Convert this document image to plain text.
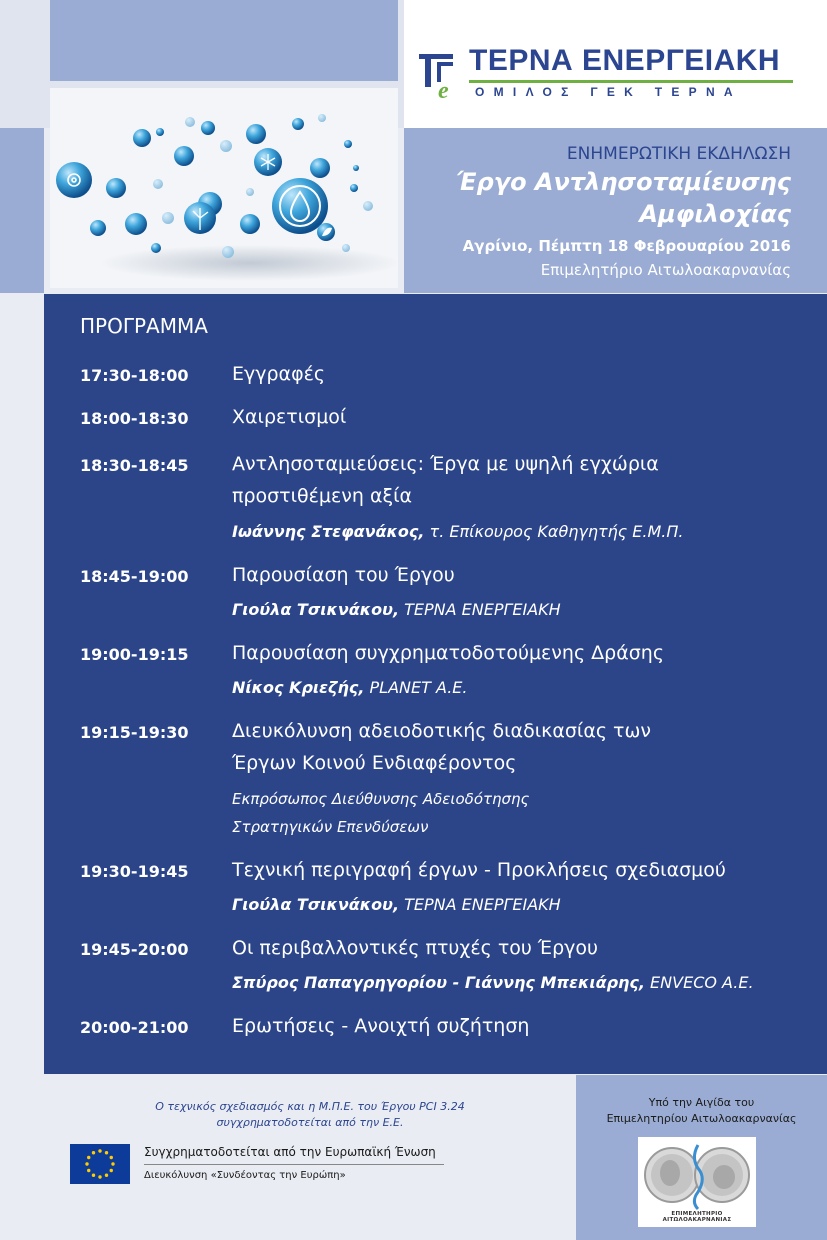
e
ΤΕΡΝΑ ΕΝΕΡΓΕΙΑΚΗ
ΟΜΙΛΟΣ ΓΕΚ ΤΕΡΝΑ
ΕΝΗΜΕΡΩΤΙΚΗ ΕΚΔΗΛΩΣΗ
Έργο Αντλησοταμίευσης
Αμφιλοχίας
Αγρίνιο, Πέμπτη 18 Φεβρουαρίου 2016
Επιμελητήριο Αιτωλοακαρνανίας
ΠΡΟΓΡΑΜΜΑ
17:30-18:00 Εγγραφές
18:00-18:30 Χαιρετισμοί
18:30-18:45 Αντλησοταμιεύσεις: Έργα με υψηλή εγχώρια
προστιθέμενη αξία
Ιωάννης Στεφανάκος, τ. Επίκουρος Καθηγητής Ε.Μ.Π.
18:45-19:00 Παρουσίαση του Έργου
Γιούλα Τσικνάκου, ΤΕΡΝΑ ΕΝΕΡΓΕΙΑΚΗ
19:00-19:15 Παρουσίαση συγχρηματοδοτούμενης Δράσης
Νίκος Κριεζής, PLANET A.E.
19:15-19:30 Διευκόλυνση αδειοδοτικής διαδικασίας των
Έργων Κοινού Ενδιαφέροντος
Εκπρόσωπος Διεύθυνσης Αδειοδότησης
Στρατηγικών Επενδύσεων
19:30-19:45 Τεχνική περιγραφή έργων - Προκλήσεις σχεδιασμού
Γιούλα Τσικνάκου, ΤΕΡΝΑ ΕΝΕΡΓΕΙΑΚΗ
19:45-20:00 Οι περιβαλλοντικές πτυχές του Έργου
Σπύρος Παπαγρηγορίου - Γιάννης Μπεκιάρης, ENVECO A.E.
20:00-21:00 Ερωτήσεις - Ανοιχτή συζήτηση
Ο τεχνικός σχεδιασμός και η Μ.Π.Ε. του Έργου PCI 3.24
συγχρηματοδοτείται από την Ε.Ε.
Συγχρηματοδοτείται από την Ευρωπαϊκή Ένωση
Διευκόλυνση «Συνδέοντας την Ευρώπη»
Υπό την Αιγίδα του
Επιμελητηρίου Αιτωλοακαρνανίας
ΕΠΙΜΕΛΗΤΗΡΙΟ ΑΙΤΩΛΟΑΚΑΡΝΑΝΙΑΣ
